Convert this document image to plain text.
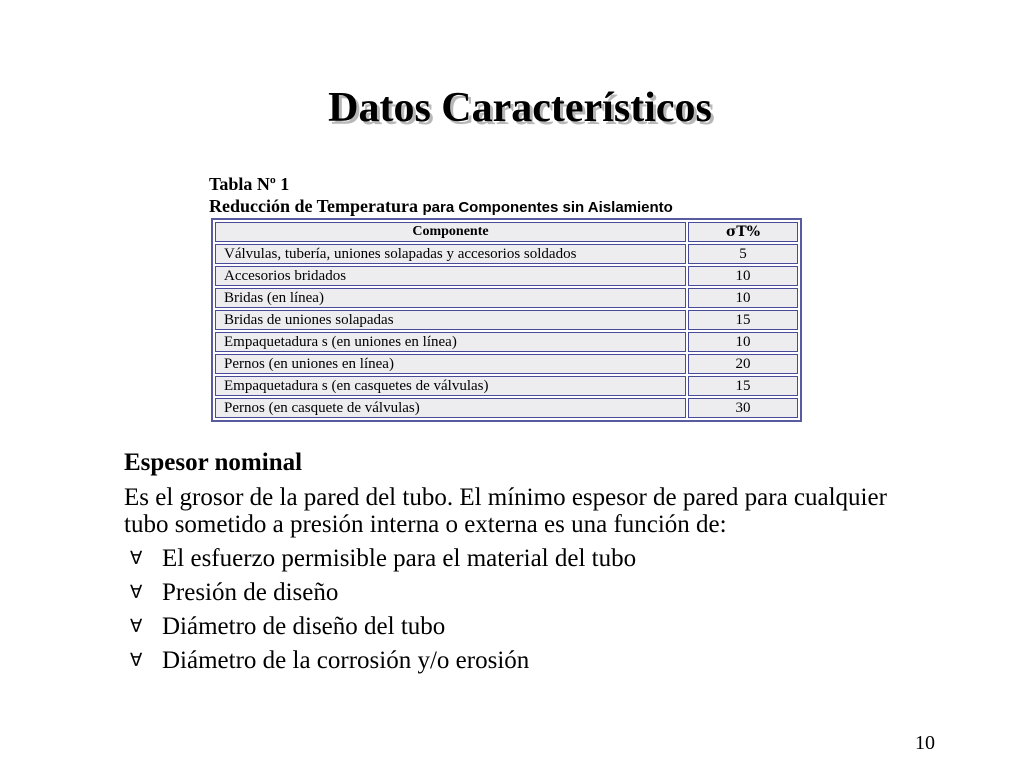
Datos Característicos
Tabla Nº 1
Reducción de Temperatura para Componentes sin Aislamiento
Componente	σT%
Válvulas, tubería, uniones solapadas y accesorios soldados	5
Accesorios bridados	10
Bridas (en línea)	10
Bridas de uniones solapadas	15
Empaquetadura s (en uniones en línea)	10
Pernos (en uniones en línea)	20
Empaquetadura s (en casquetes de válvulas)	15
Pernos (en casquete de válvulas)	30
Espesor nominal

Es el grosor de la pared del tubo. El mínimo espesor de pared para cualquier tubo sometido a presión interna o externa es una función de:

∀ El esfuerzo permisible para el material del tubo
∀ Presión de diseño
∀ Diámetro de diseño del tubo
∀ Diámetro de la corrosión y/o erosión
10
